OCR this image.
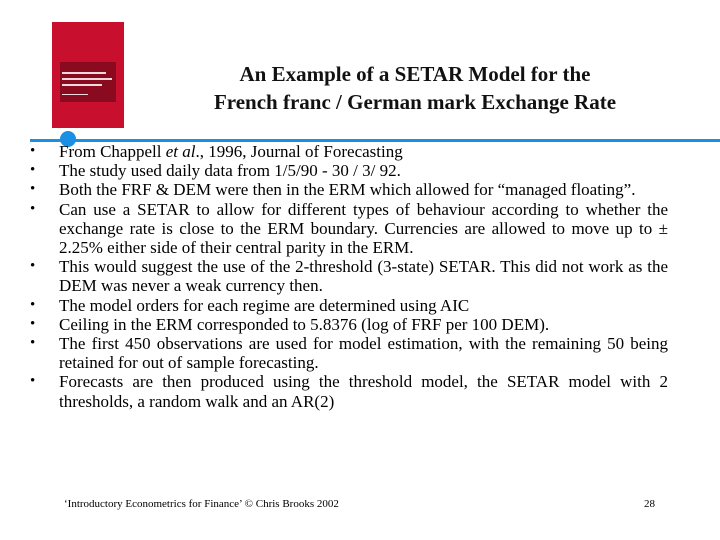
An Example of a SETAR Model for the
French franc / German mark Exchange Rate
• From Chappell et al., 1996, Journal of Forecasting
• The study used daily data from 1/5/90 - 30 / 3/ 92.
• Both the FRF & DEM were then in the ERM which allowed for “managed floating”.
• Can use a SETAR to allow for different types of behaviour according to whether the exchange rate is close to the ERM boundary. Currencies are allowed to move up to ± 2.25% either side of their central parity in the ERM.
• This would suggest the use of the 2-threshold (3-state) SETAR. This did not work as the DEM was never a weak currency then.
• The model orders for each regime are determined using AIC
• Ceiling in the ERM corresponded to 5.8376 (log of FRF per 100 DEM).
• The first 450 observations are used for model estimation, with the remaining 50 being retained for out of sample forecasting.
• Forecasts are then produced using the threshold model, the SETAR model with 2 thresholds, a random walk and an AR(2)
‘Introductory Econometrics for Finance’ © Chris Brooks 2002	28
